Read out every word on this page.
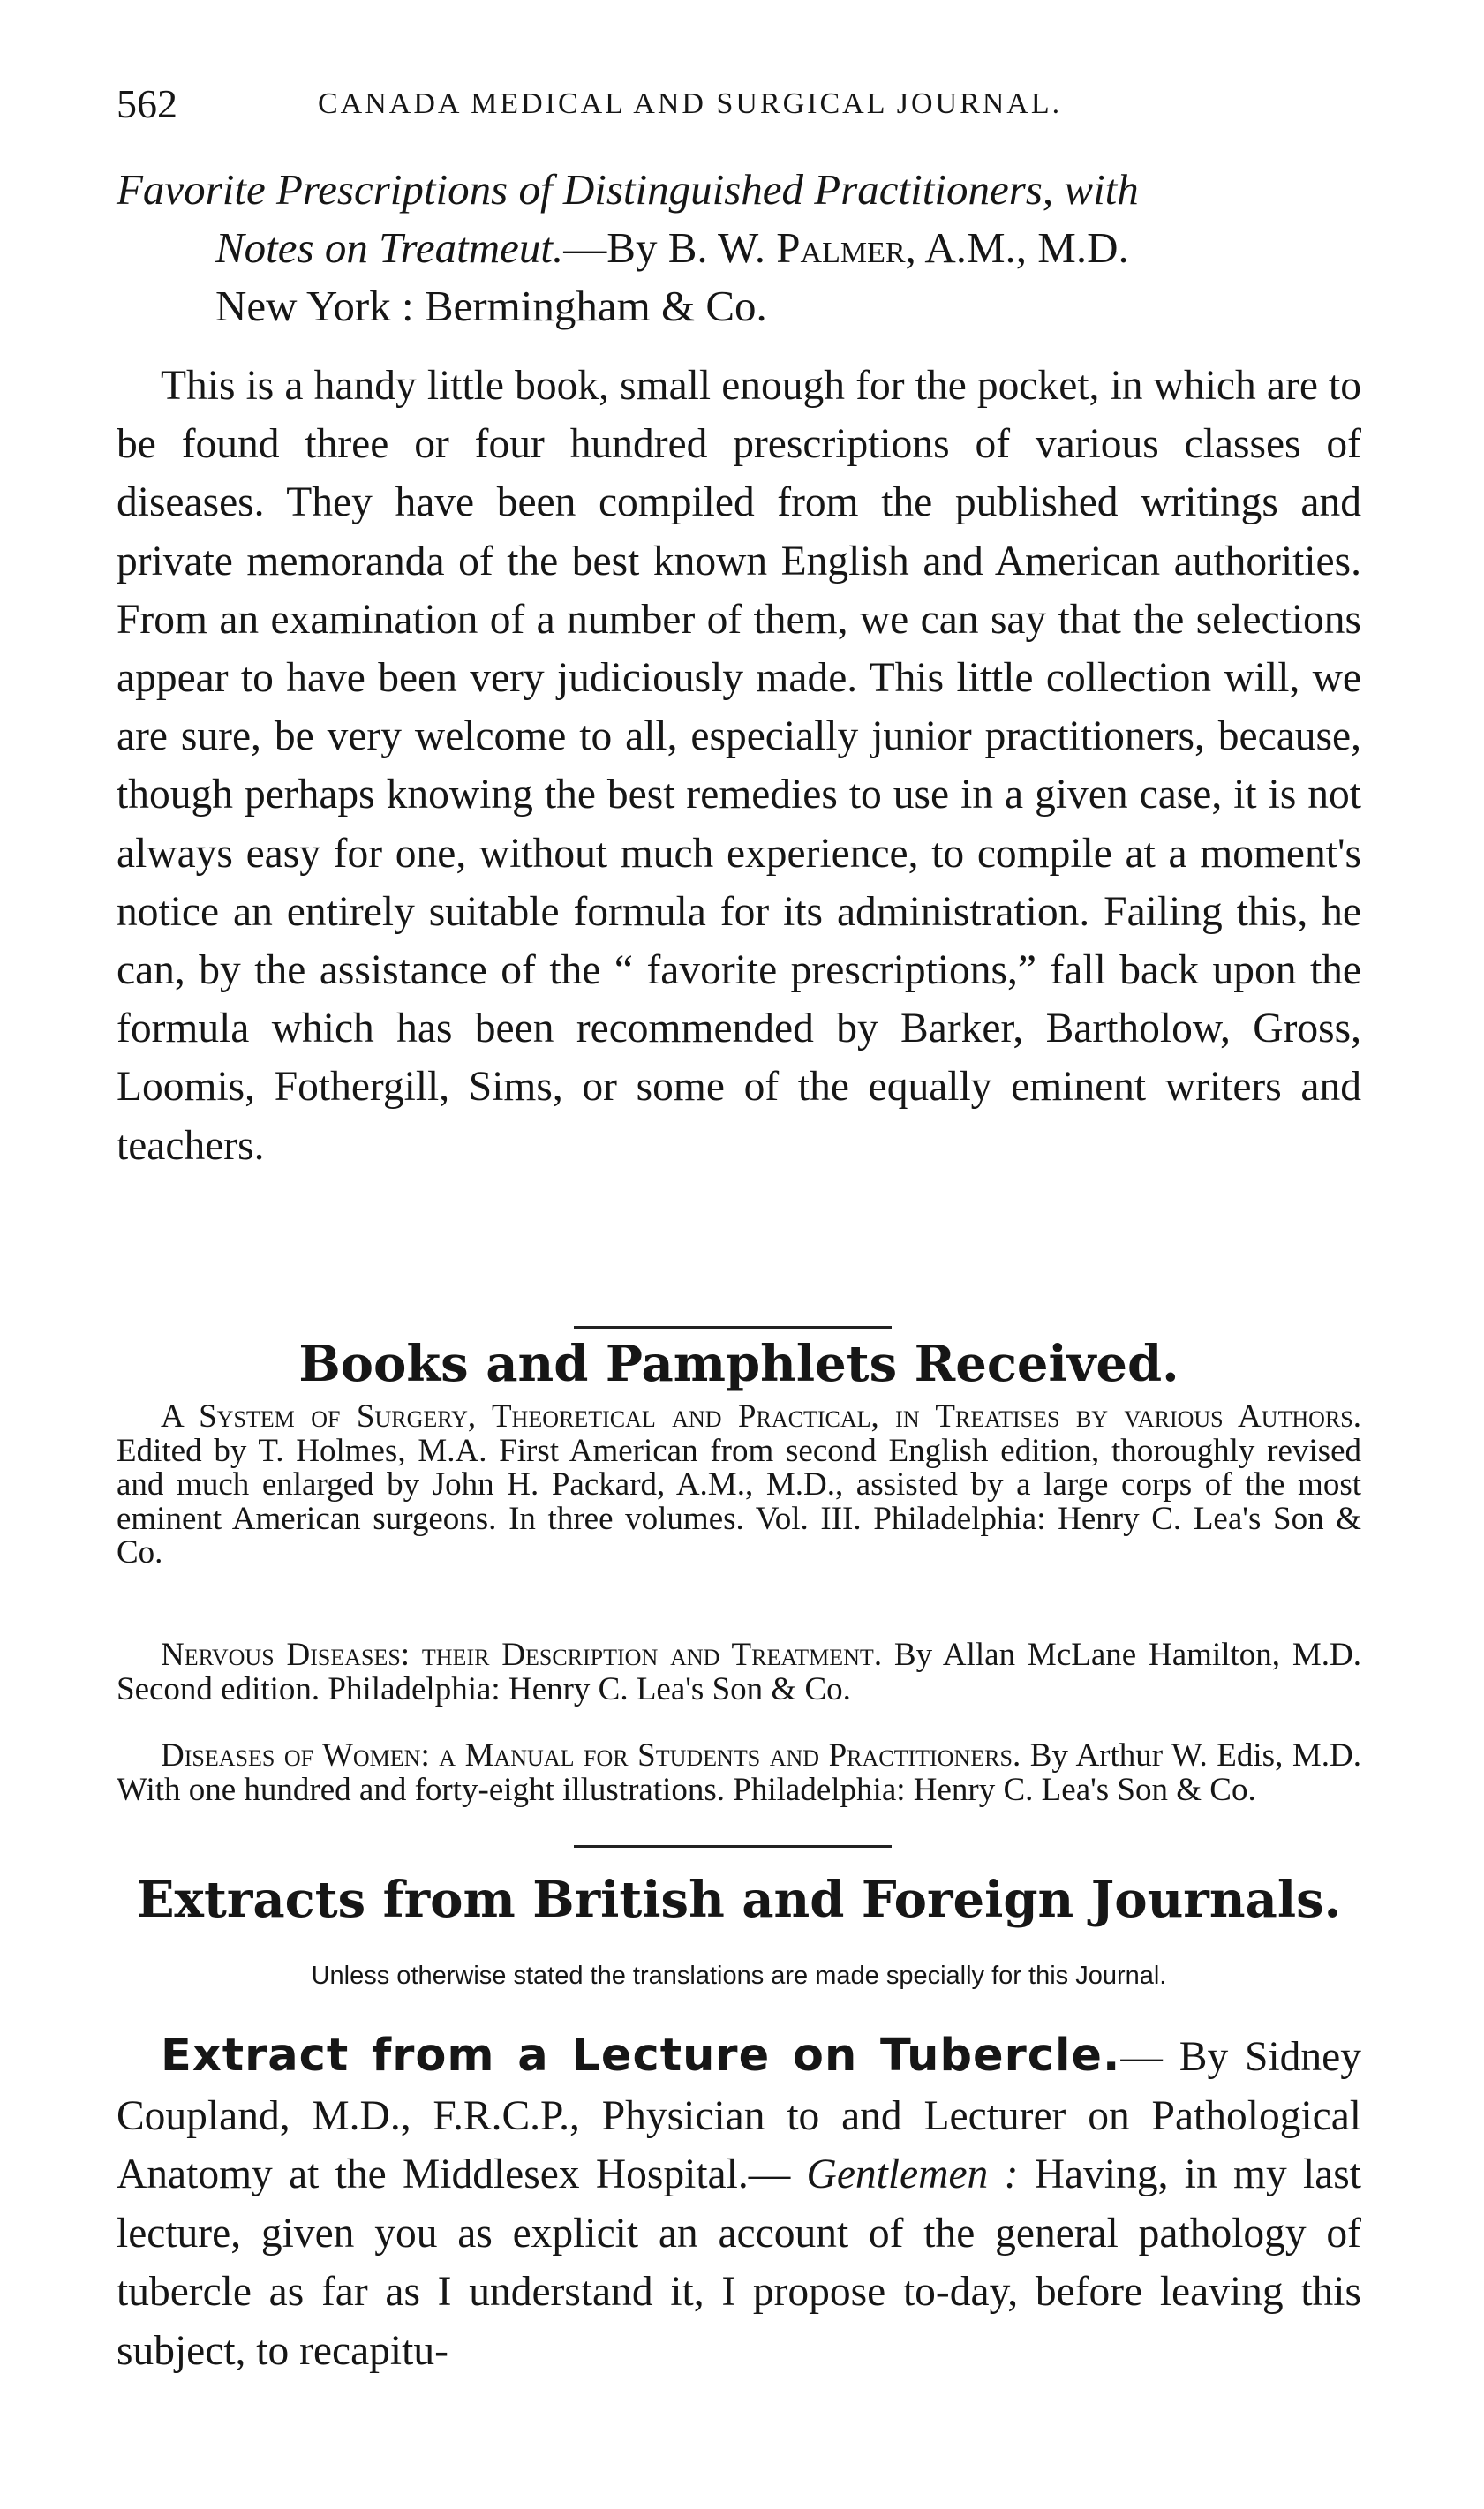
562	CANADA MEDICAL AND SURGICAL JOURNAL.
Favorite Prescriptions of Distinguished Practitioners, with
Notes on Treatmeut.—By B. W. Palmer, A.M., M.D.
New York : Bermingham & Co.

This is a handy little book, small enough for the pocket, in which are to be found three or four hundred prescriptions of various classes of diseases. They have been compiled from the published writings and private memoranda of the best known English and American authorities. From an examination of a number of them, we can say that the selections appear to have been very judiciously made. This little collection will, we are sure, be very welcome to all, especially junior practitioners, because, though perhaps knowing the best remedies to use in a given case, it is not always easy for one, without much experience, to compile at a moment's notice an entirely suitable formula for its administration. Failing this, he can, by the assistance of the “ favorite prescriptions,” fall back upon the formula which has been recommended by Barker, Bartholow, Gross, Loomis, Fothergill, Sims, or some of the equally eminent writers and teachers.

Books and Pamphlets Received.

A System of Surgery, Theoretical and Practical, in Treatises by various Authors. Edited by T. Holmes, M.A. First American from second English edition, thoroughly revised and much enlarged by John H. Packard, A.M., M.D., assisted by a large corps of the most eminent American surgeons. In three volumes. Vol. III. Philadelphia: Henry C. Lea's Son & Co.

Nervous Diseases: their Description and Treatment. By Allan McLane Hamilton, M.D. Second edition. Philadelphia: Henry C. Lea's Son & Co.

Diseases of Women: a Manual for Students and Practitioners. By Arthur W. Edis, M.D. With one hundred and forty-eight illustrations. Philadelphia: Henry C. Lea's Son & Co.

Extracts from British and Foreign Journals.
Unless otherwise stated the translations are made specially for this Journal.

Extract from a Lecture on Tubercle.— By Sidney Coupland, M.D., F.R.C.P., Physician to and Lecturer on Pathological Anatomy at the Middlesex Hospital.— Gentlemen : Having, in my last lecture, given you as explicit an account of the general pathology of tubercle as far as I understand it, I propose to-day, before leaving this subject, to recapitu-
